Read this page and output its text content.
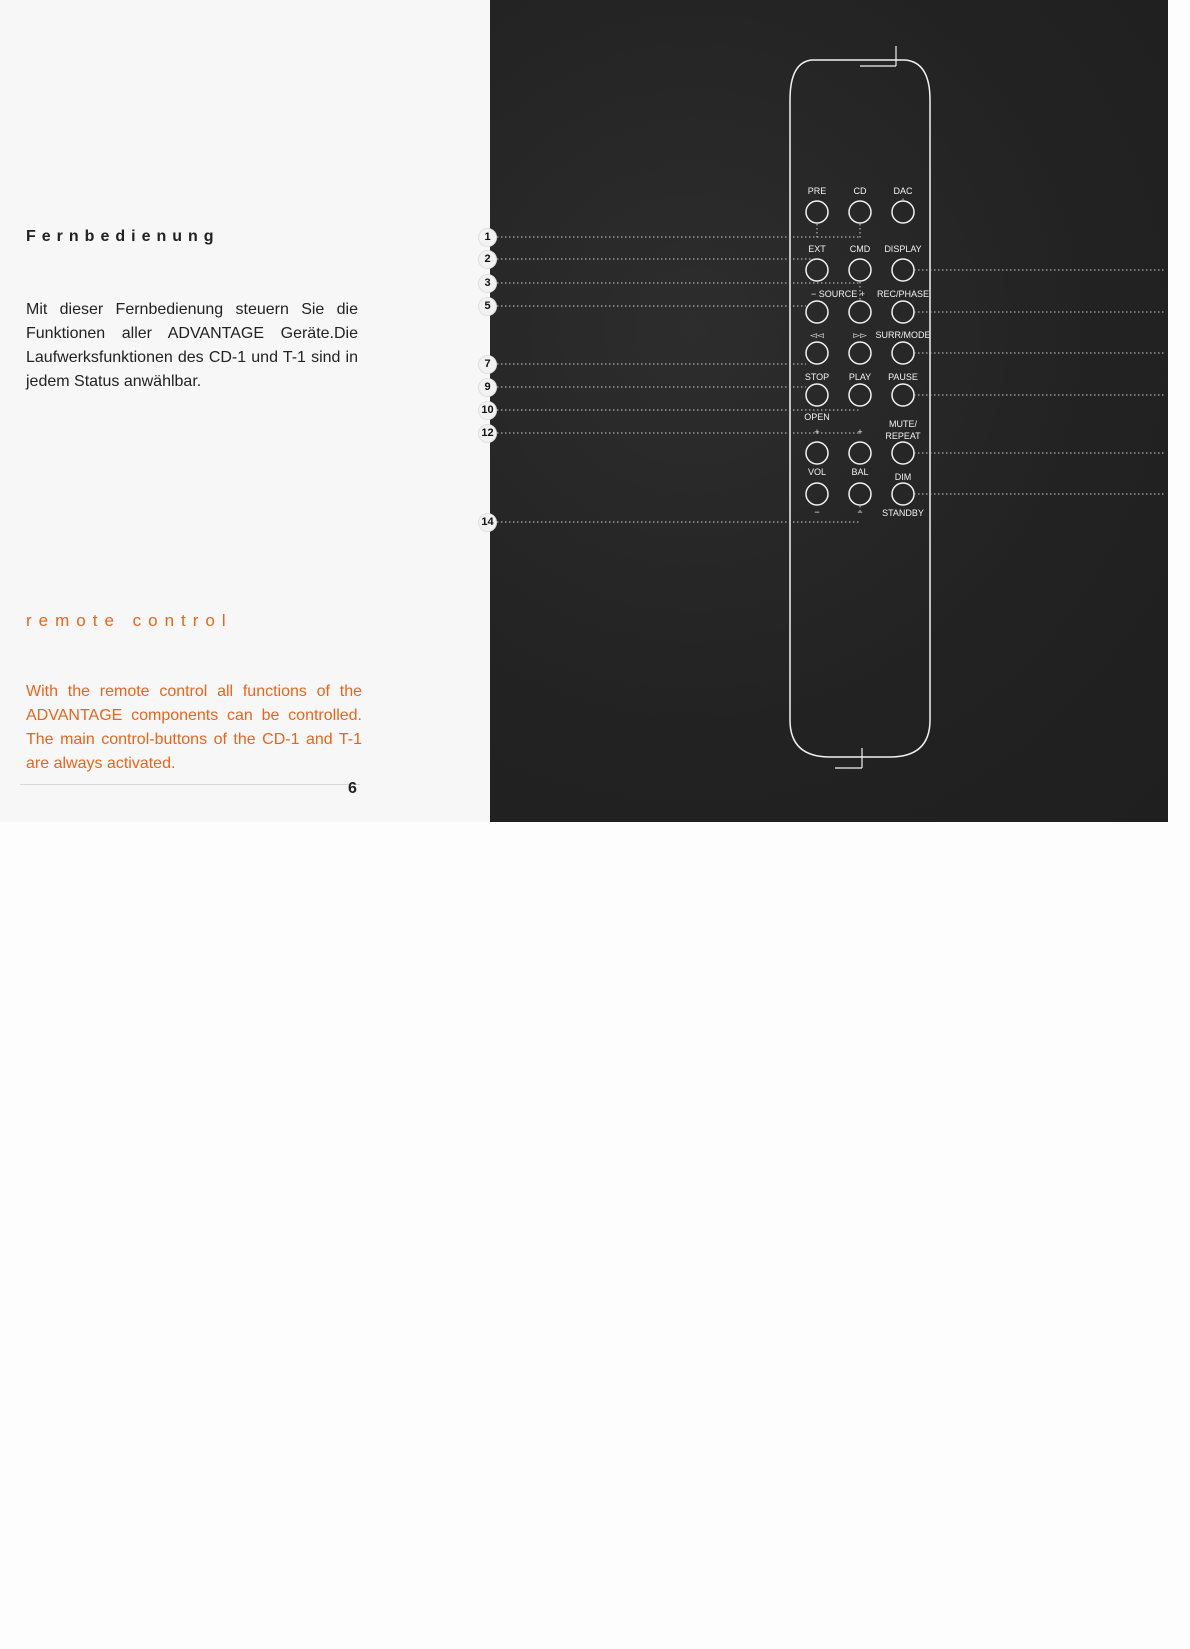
Fernbedienung
Mit dieser Fernbedienung steuern Sie die Funktionen aller ADVANTAGE Geräte.Die Laufwerksfunktionen des CD-1 und T-1 sind in jedem Status anwählbar.
remote control
With the remote control all functions of the ADVANTAGE components can be controlled. The main control-buttons of the CD-1 and T-1 are always activated.
6
PRE	CD	DAC
EXT	CMD	DISPLAY
− SOURCE +	REC/PHASE
◅◅	▻▻ SURR/MODE
STOP	PLAY	PAUSE
OPEN
MUTE/
REPEAT
+	+
VOL	BAL	DIM
−	−	STANDBY
1
2
3
5
7
9
10
12
14
